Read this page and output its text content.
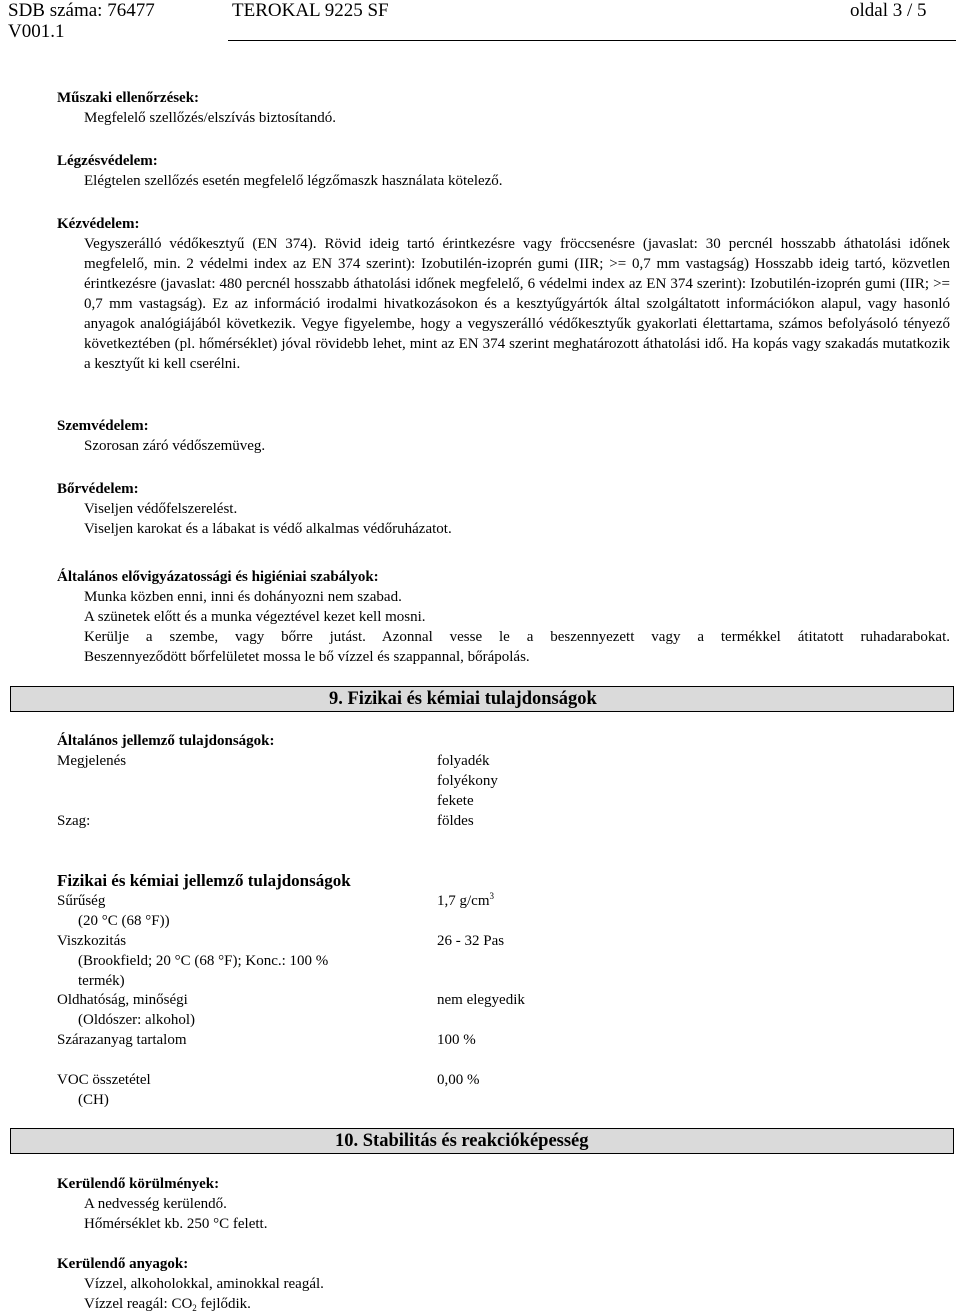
SDB száma: 76477	TEROKAL 9225 SF	oldal 3 / 5
V001.1
Műszaki ellenőrzések:
Megfelelő szellőzés/elszívás biztosítandó.
Légzésvédelem:
Elégtelen szellőzés esetén megfelelő légzőmaszk használata kötelező.
Kézvédelem:
Vegyszerálló védőkesztyű (EN 374). Rövid ideig tartó érintkezésre vagy fröccsenésre (javaslat: 30 percnél hosszabb áthatolási időnek megfelelő, min. 2 védelmi index az EN 374 szerint): Izobutilén-izoprén gumi (IIR; >= 0,7 mm vastagság) Hosszabb ideig tartó, közvetlen érintkezésre (javaslat: 480 percnél hosszabb áthatolási időnek megfelelő, 6 védelmi index az EN 374 szerint): Izobutilén-izoprén gumi (IIR; >= 0,7 mm vastagság). Ez az információ irodalmi hivatkozásokon és a kesztyűgyártók által szolgáltatott információkon alapul, vagy hasonló anyagok analógiájából következik. Vegye figyelembe, hogy a vegyszerálló védőkesztyűk gyakorlati élettartama, számos befolyásoló tényező következtében (pl. hőmérséklet) jóval rövidebb lehet, mint az EN 374 szerint meghatározott áthatolási idő. Ha kopás vagy szakadás mutatkozik a kesztyűt ki kell cserélni.
Szemvédelem:
Szorosan záró védőszemüveg.
Bőrvédelem:
Viseljen védőfelszerelést.
Viseljen karokat és a lábakat is védő alkalmas védőruházatot.
Általános elővigyázatossági és higiéniai szabályok:
Munka közben enni, inni és dohányozni nem szabad.
A szünetek előtt és a munka végeztével kezet kell mosni.
Kerülje a szembe, vagy bőrre jutást. Azonnal vesse le a beszennyezett vagy a termékkel átitatott ruhadarabokat.
Beszennyeződött bőrfelületet mossa le bő vízzel és szappannal, bőrápolás.
9. Fizikai és kémiai tulajdonságok
Általános jellemző tulajdonságok:
Megjelenés	folyadék
folyékony
fekete
Szag:	földes
Fizikai és kémiai jellemző tulajdonságok
Sűrűség	1,7 $g/cm^3$
(20 °C (68 °F))
Viszkozitás	26 - 32 Pas
(Brookfield; 20 °C (68 °F); Konc.: 100 %
termék)
Oldhatóság, minőségi	nem elegyedik
(Oldószer: alkohol)
Szárazanyag tartalom	100 %
VOC összetétel	0,00 %
(CH)
10. Stabilitás és reakcióképesség
Kerülendő körülmények:
A nedvesség kerülendő.
Hőmérséklet kb. 250 °C felett.
Kerülendő anyagok:
Vízzel, alkoholokkal, aminokkal reagál.
Vízzel reagál: $CO_2$ fejlődik.
